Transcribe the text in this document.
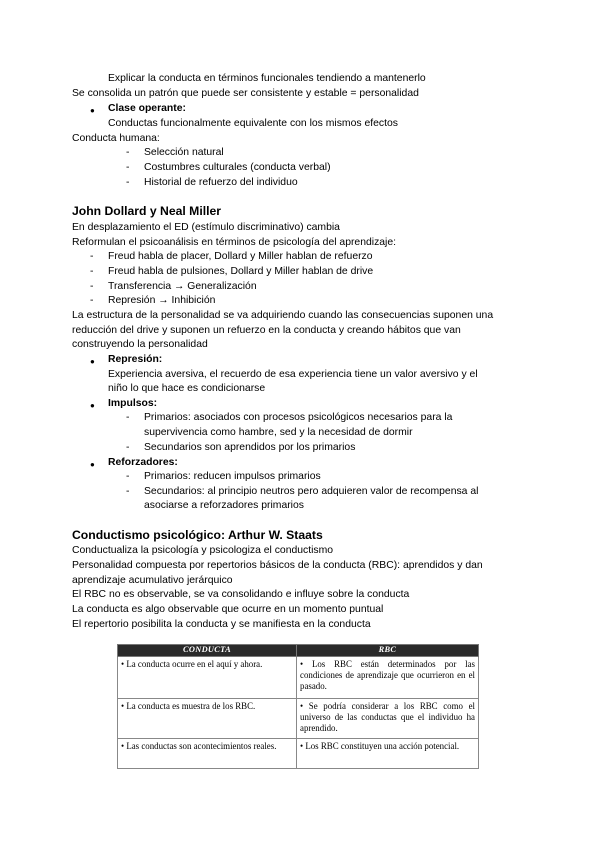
Explicar la conducta en términos funcionales tendiendo a mantenerlo
Se consolida un patrón que puede ser consistente y estable = personalidad
● Clase operante:
Conductas funcionalmente equivalente con los mismos efectos
Conducta humana:
- Selección natural
- Costumbres culturales (conducta verbal)
- Historial de refuerzo del individuo
John Dollard y Neal Miller
En desplazamiento el ED (estímulo discriminativo) cambia
Reformulan el psicoanálisis en términos de psicología del aprendizaje:
- Freud habla de placer, Dollard y Miller hablan de refuerzo
- Freud habla de pulsiones, Dollard y Miller hablan de drive
- Transferencia → Generalización
- Represión → Inhibición
La estructura de la personalidad se va adquiriendo cuando las consecuencias suponen una
reducción del drive y suponen un refuerzo en la conducta y creando hábitos que van
construyendo la personalidad
● Represión:
Experiencia aversiva, el recuerdo de esa experiencia tiene un valor aversivo y el
niño lo que hace es condicionarse
● Impulsos:
- Primarios: asociados con procesos psicológicos necesarios para la
supervivencia como hambre, sed y la necesidad de dormir
- Secundarios son aprendidos por los primarios
● Reforzadores:
- Primarios: reducen impulsos primarios
- Secundarios: al principio neutros pero adquieren valor de recompensa al
asociarse a reforzadores primarios
Conductismo psicológico: Arthur W. Staats
Conductualiza la psicología y psicologiza el conductismo
Personalidad compuesta por repertorios básicos de la conducta (RBC): aprendidos y dan
aprendizaje acumulativo jerárquico
El RBC no es observable, se va consolidando e influye sobre la conducta
La conducta es algo observable que ocurre en un momento puntual
El repertorio posibilita la conducta y se manifiesta en la conducta
CONDUCTA	RBC
• La conducta ocurre en el aquí y ahora.	• Los RBC están determinados por las condiciones de aprendizaje que ocurrieron en el pasado.
• La conducta es muestra de los RBC.	• Se podría considerar a los RBC como el universo de las conductas que el individuo ha aprendido.
• Las conductas son acontecimientos reales.	• Los RBC constituyen una acción potencial.
